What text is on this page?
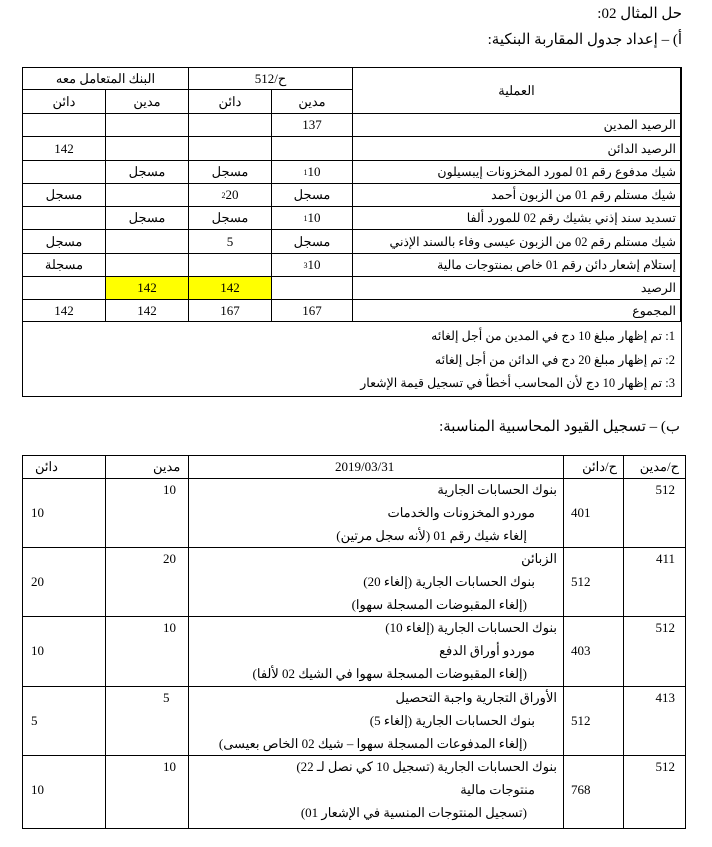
حل المثال 02:
أ) – إعداد جدول المقاربة البنكية:
العملية
ح/512
البنك المتعامل معه
مدين
دائن
مدين
دائن
الرصيد المدين
137
الرصيد الدائن
142
شيك مدفوع رقم 01 لمورد المخزونات إيبسيلون
1 10
مسجل
مسجل
شيك مستلم رقم 01 من الزبون أحمد
مسجل
2 20
مسجل
تسديد سند إذني بشيك رقم 02 للمورد ألفا
1 10
مسجل
مسجل
شيك مستلم رقم 02 من الزبون عيسى وفاء بالسند الإذني
مسجل
5
مسجل
إستلام إشعار دائن رقم 01 خاص بمنتوجات مالية
3 10
مسجلة
الرصيد
142
142
المجموع
167
167
142
142
1: تم إظهار مبلغ 10 دج في المدين من أجل إلغائه
2: تم إظهار مبلغ 20 دج في الدائن من أجل إلغائه
3: تم إظهار 10 دج لأن المحاسب أخطأ في تسجيل قيمة الإشعار
ب) – تسجيل القيود المحاسبية المناسبة:
ح/مدين
ح/دائن
2019/03/31
مدين
دائن
512
401
10
10
بنوك الحسابات الجارية
موردو المخزونات والخدمات
إلغاء شيك رقم 01 (لأنه سجل مرتين)
411
512
20
20
الزبائن
بنوك الحسابات الجارية (إلغاء 20)
(إلغاء المقبوضات المسجلة سهوا)
512
403
10
10
بنوك الحسابات الجارية (إلغاء 10)
موردو أوراق الدفع
(إلغاء المقبوضات المسجلة سهوا في الشيك 02 لألفا)
413
512
5
5
الأوراق التجارية واجبة التحصيل
بنوك الحسابات الجارية (إلغاء 5)
(إلغاء المدفوعات المسجلة سهوا – شيك 02 الخاص بعيسى)
512
768
10
10
بنوك الحسابات الجارية (تسجيل 10 كي نصل لـ 22)
منتوجات مالية
(تسجيل المنتوجات المنسية في الإشعار 01)
